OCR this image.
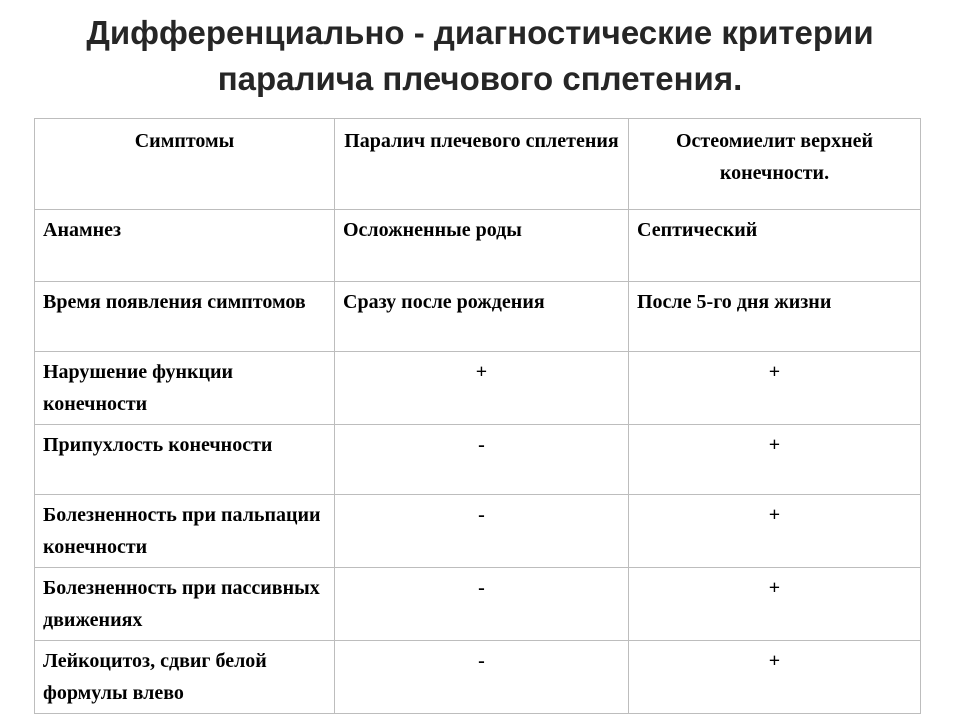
Дифференциально - диагностические критерии
паралича плечового сплетения.
Симптомы	Паралич плечевого сплетения	Остеомиелит верхней конечности.
Анамнез	Осложненные роды	Септический
Время появления симптомов	Сразу после рождения	После 5-го дня жизни
Нарушение функции конечности	+	+
Припухлость конечности	-	+
Болезненность при пальпации конечности	-	+
Болезненность при пассивных движениях	-	+
Лейкоцитоз, сдвиг белой формулы влево	-	+
